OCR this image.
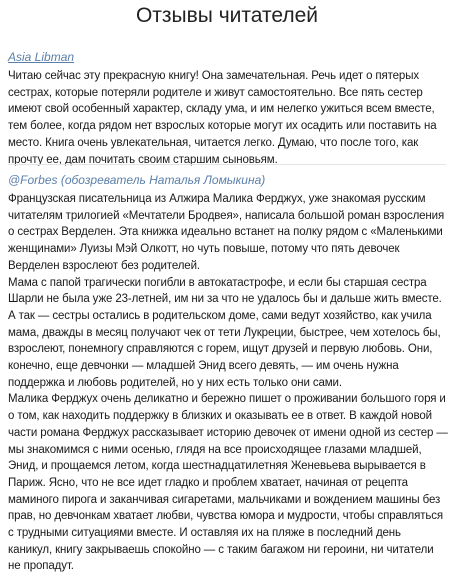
Отзывы читателей
Asia Libman

Читаю сейчас эту прекрасную книгу! Она замечательная. Речь идет о пятерых сестрах, которые потеряли родителе и живут самостоятельно. Все пять сестер имеют свой особенный характер, складу ума, и им нелегко ужиться всем вместе, тем более, когда рядом нет взрослых которые могут их осадить или поставить на место. Книга очень увлекательная, читается легко. Думаю, что после того, как прочту ее, дам почитать своим старшим сыновьям.

@Forbes (обозреватель Наталья Ломыкина)

Французская писательница из Алжира Малика Ферджух, уже знакомая русским читателям трилогией «Мечтатели Бродвея», написала большой роман взросления о сестрах Верделен. Эта книжка идеально встанет на полку рядом с «Маленькими женщинами» Луизы Мэй Олкотт, но чуть повыше, потому что пять девочек Верделен взрослеют без родителей.
Мама с папой трагически погибли в автокатастрофе, и если бы старшая сестра Шарли не была уже 23-летней, им ни за что не удалось бы и дальше жить вместе. А так — сестры остались в родительском доме, сами ведут хозяйство, как учила мама, дважды в месяц получают чек от тети Лукреции, быстрее, чем хотелось бы, взрослеют, понемногу справляются с горем, ищут друзей и первую любовь. Они, конечно, еще девчонки — младшей Энид всего девять, — им очень нужна поддержка и любовь родителей, но у них есть только они сами.
Малика Ферджух очень деликатно и бережно пишет о проживании большого горя и о том, как находить поддержку в близких и оказывать ее в ответ. В каждой новой части романа Ферджух рассказывает историю девочек от имени одной из сестер — мы знакомимся с ними осенью, глядя на все происходящее глазами младшей, Энид, и прощаемся летом, когда шестнадцатилетняя Женевьева вырывается в Париж. Ясно, что не все идет гладко и проблем хватает, начиная от рецепта маминого пирога и заканчивая сигаретами, мальчиками и вождением машины без прав, но девчонкам хватает любви, чувства юмора и мудрости, чтобы справляться с трудными ситуациями вместе. И оставляя их на пляже в последний день каникул, книгу закрываешь спокойно — с таким багажом ни героини, ни читатели не пропадут.
